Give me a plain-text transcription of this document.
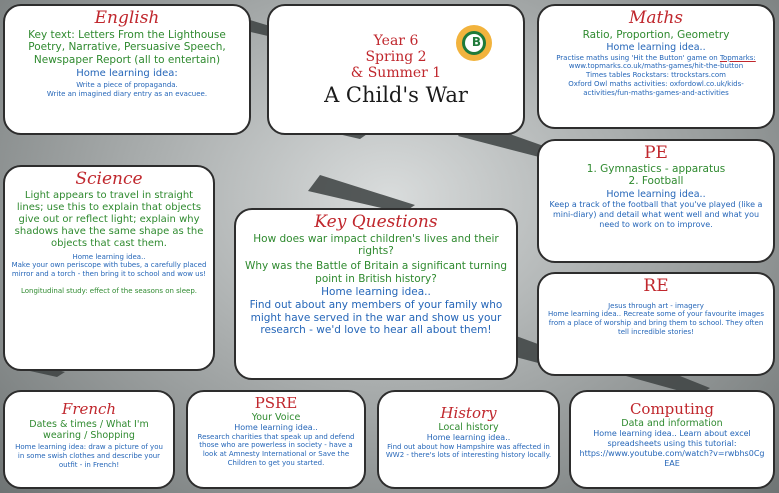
English

Key text: Letters From the Lighthouse

Poetry, Narrative, Persuasive Speech, Newspaper Report (all to entertain)

Home learning idea:

Write a piece of propaganda.

Write an imagined diary entry as an evacuee.

B

Year 6

Spring 2

& Summer 1

A Child's War

Maths

Ratio, Proportion, Geometry

Home learning idea..

Practise maths using 'Hit the Button' game on Topmarks: www.topmarks.co.uk/maths-games/hit-the-button

Times tables Rockstars: ttrockstars.com

Oxford Owl maths activities: oxfordowl.co.uk/kids-activities/fun-maths-games-and-activities

PE

1. Gymnastics - apparatus

2. Football

Home learning idea..

Keep a track of the football that you've played (like a mini-diary) and detail what went well and what you need to work on to improve.

Science

Light appears to travel in straight lines; use this to explain that objects give out or reflect light; explain why shadows have the same shape as the objects that cast them.

Home learning idea..

Make your own periscope with tubes, a carefully placed mirror and a torch - then bring it to school and wow us!

Longitudinal study: effect of the seasons on sleep.

Key Questions

How does war impact children's lives and their rights?

Why was the Battle of Britain a significant turning point in British history?

Home learning idea..

Find out about any members of your family who might have served in the war and show us your research - we'd love to hear all about them!

RE

Jesus through art - imagery

Home learning idea.. Recreate some of your favourite images from a place of worship and bring them to school. They often tell incredible stories!

French

Dates & times / What I'm wearing / Shopping

Home learning idea: draw a picture of you in some swish clothes and describe your outfit - in French!

PSRE

Your Voice

Home learning idea..

Research charities that speak up and defend those who are powerless in society - have a look at Amnesty International or Save the Children to get you started.

History

Local history

Home learning idea..

Find out about how Hampshire was affected in WW2 - there's lots of interesting history locally.

Computing

Data and information

Home learning idea.. Learn about excel spreadsheets using this tutorial:

https://www.youtube.com/watch?v=rwbhs0CgEAE
